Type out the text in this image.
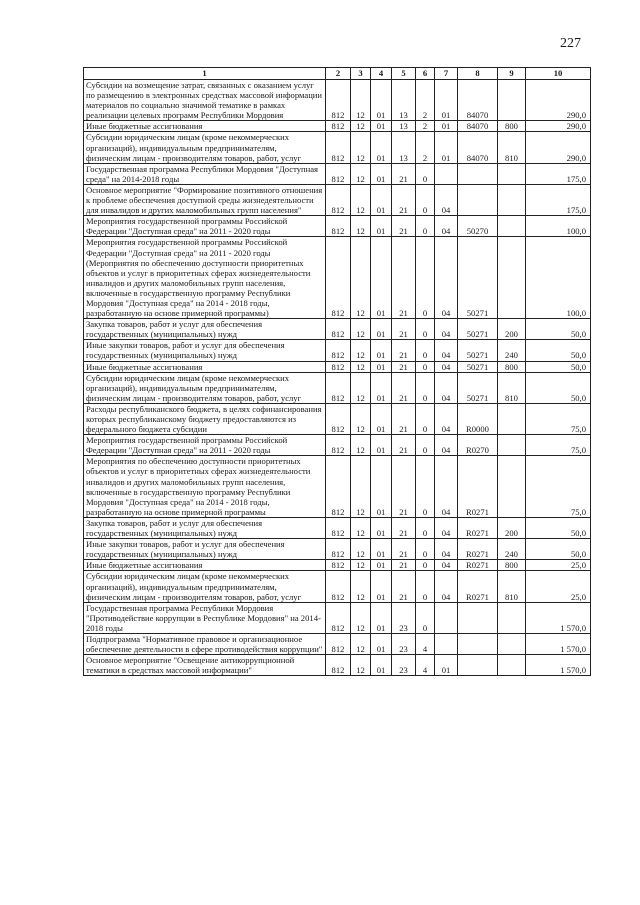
227
1	2	3	4	5	6	7	8	9	10
Субсидии на возмещение затрат, связанных с оказанием услуг по размещению в электронных средствах массовой информации материалов по социально значимой тематике в рамках реализации целевых программ Республики Мордовия	812	12	01	13	2	01	84070		290,0
Иные бюджетные ассигнования	812	12	01	13	2	01	84070	800	290,0
Субсидии юридическим лицам (кроме некоммерческих организаций), индивидуальным предпринимателям, физическим лицам - производителям товаров, работ, услуг	812	12	01	13	2	01	84070	810	290,0
Государственная программа Республики Мордовия "Доступная среда" на 2014-2018 годы	812	12	01	21	0				175,0
Основное мероприятие "Формирование позитивного отношения к проблеме обеспечения доступной среды жизнедеятельности для инвалидов и других маломобильных групп населения"	812	12	01	21	0	04			175,0
Мероприятия государственной программы Российской Федерации "Доступная среда" на 2011 - 2020 годы	812	12	01	21	0	04	50270		100,0
Мероприятия государственной программы Российской Федерации "Доступная среда" на 2011 - 2020 годы (Мероприятия по обеспечению доступности приоритетных объектов и услуг в приоритетных сферах жизнедеятельности инвалидов и других маломобильных групп населения, включенные в государственную программу Республики Мордовия "Доступная среда" на 2014 - 2018 годы, разработанную на основе примерной программы)	812	12	01	21	0	04	50271		100,0
Закупка товаров, работ и услуг для обеспечения государственных (муниципальных) нужд	812	12	01	21	0	04	50271	200	50,0
Иные закупки товаров, работ и услуг для обеспечения государственных (муниципальных) нужд	812	12	01	21	0	04	50271	240	50,0
Иные бюджетные ассигнования	812	12	01	21	0	04	50271	800	50,0
Субсидии юридическим лицам (кроме некоммерческих организаций), индивидуальным предпринимателям, физическим лицам - производителям товаров, работ, услуг	812	12	01	21	0	04	50271	810	50,0
Расходы республиканского бюджета, в целях софинансирования которых республиканскому бюджету предоставляются из федерального бюджета субсидии	812	12	01	21	0	04	R0000		75,0
Мероприятия государственной программы Российской Федерации "Доступная среда" на 2011 - 2020 годы	812	12	01	21	0	04	R0270		75,0
Мероприятия по обеспечению доступности приоритетных объектов и услуг в приоритетных сферах жизнедеятельности инвалидов и других маломобильных групп населения, включенные в государственную программу Республики Мордовия "Доступная среда" на 2014 - 2018 годы, разработанную на основе примерной программы	812	12	01	21	0	04	R0271		75,0
Закупка товаров, работ и услуг для обеспечения государственных (муниципальных) нужд	812	12	01	21	0	04	R0271	200	50,0
Иные закупки товаров, работ и услуг для обеспечения государственных (муниципальных) нужд	812	12	01	21	0	04	R0271	240	50,0
Иные бюджетные ассигнования	812	12	01	21	0	04	R0271	800	25,0
Субсидии юридическим лицам (кроме некоммерческих организаций), индивидуальным предпринимателям, физическим лицам - производителям товаров, работ, услуг	812	12	01	21	0	04	R0271	810	25,0
Государственная программа Республики Мордовия "Противодействие коррупции в Республике Мордовия" на 2014-2018 годы	812	12	01	23	0				1 570,0
Подпрограмма "Нормативное правовое и организационное обеспечение деятельности в сфере противодействия коррупции"	812	12	01	23	4				1 570,0
Основное мероприятие "Освещение антикоррупционной тематики в средствах массовой информации"	812	12	01	23	4	01			1 570,0
